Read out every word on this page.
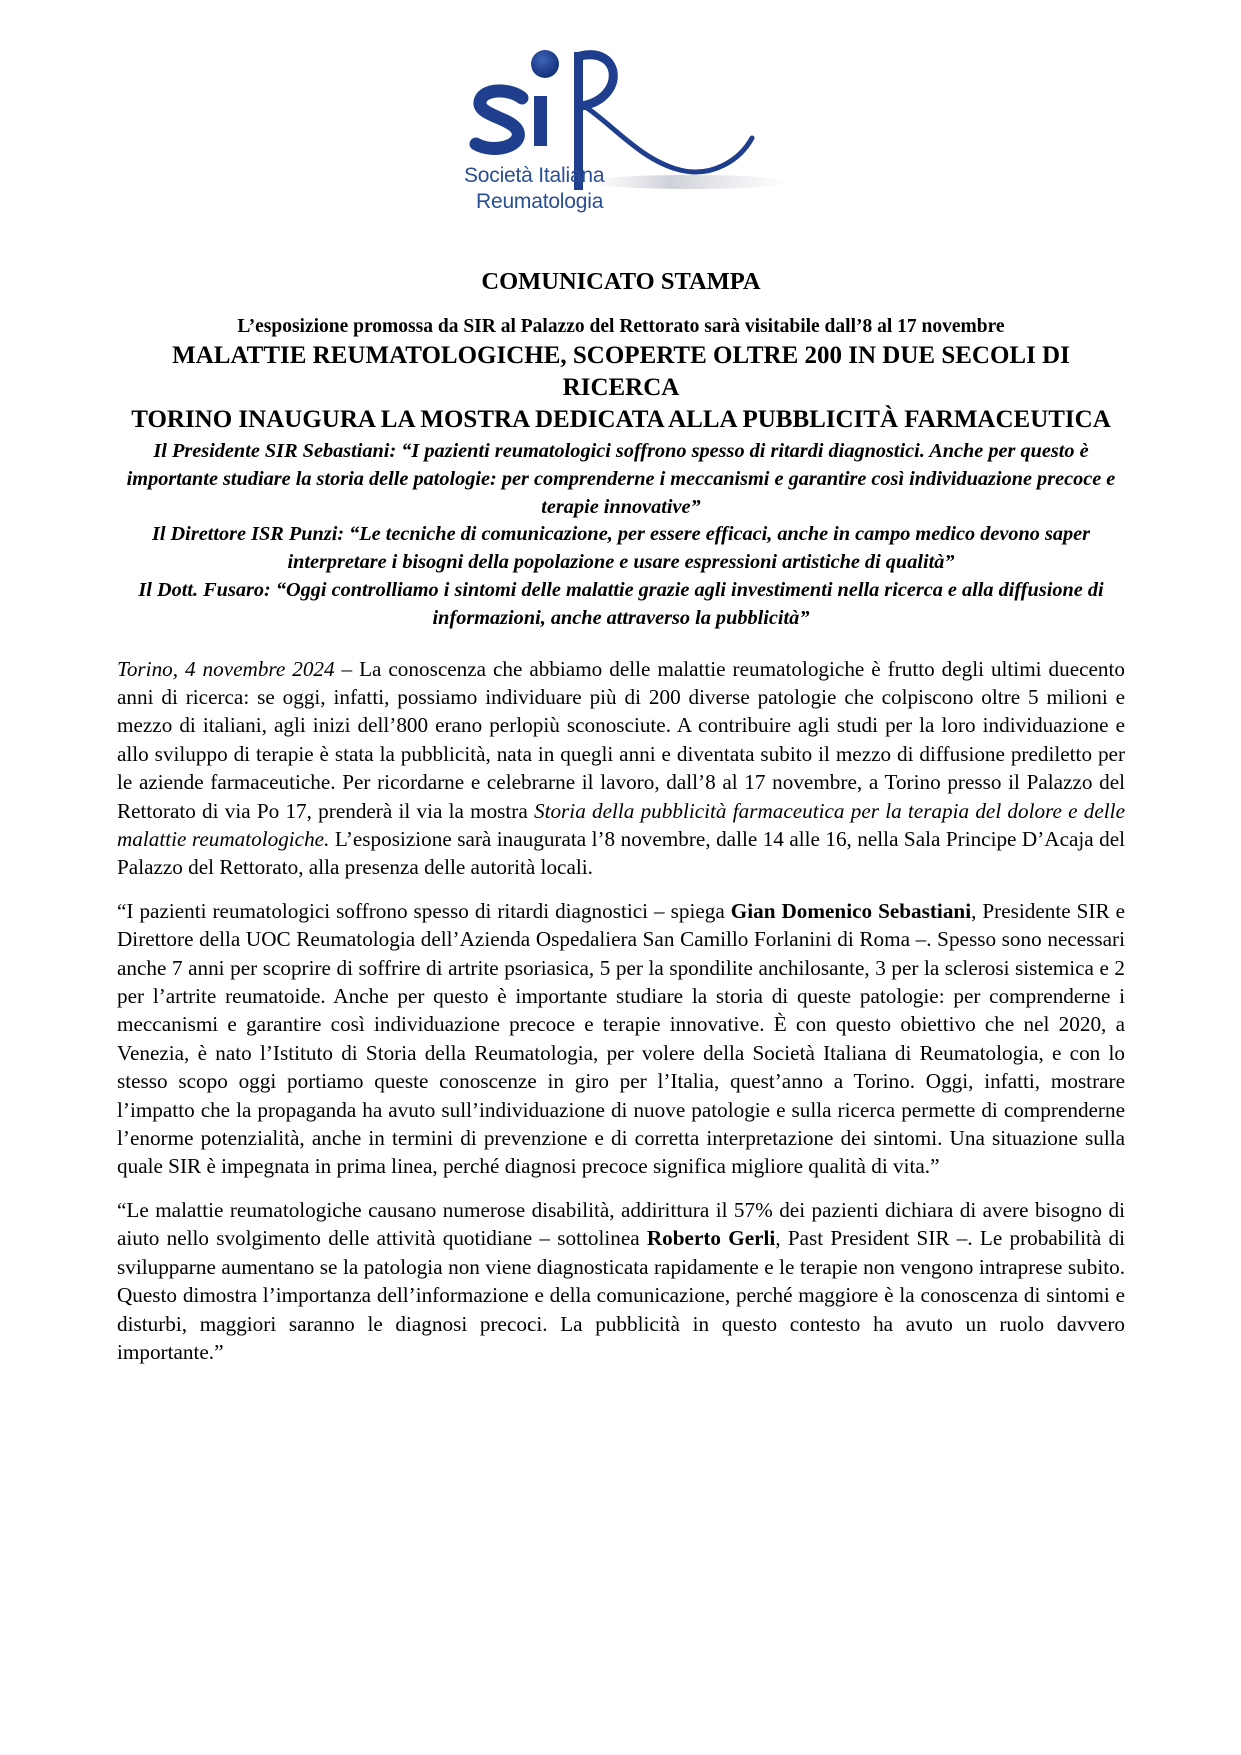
Società Italiana
Reumatologia

COMUNICATO STAMPA

L’esposizione promossa da SIR al Palazzo del Rettorato sarà visitabile dall’8 al 17 novembre

MALATTIE REUMATOLOGICHE, SCOPERTE OLTRE 200 IN DUE SECOLI DI RICERCA

TORINO INAUGURA LA MOSTRA DEDICATA ALLA PUBBLICITÀ FARMACEUTICA

Il Presidente SIR Sebastiani: “I pazienti reumatologici soffrono spesso di ritardi diagnostici. Anche per questo è importante studiare la storia delle patologie: per comprenderne i meccanismi e garantire così individuazione precoce e terapie innovative”

Il Direttore ISR Punzi: “Le tecniche di comunicazione, per essere efficaci, anche in campo medico devono saper interpretare i bisogni della popolazione e usare espressioni artistiche di qualità”

Il Dott. Fusaro: “Oggi controlliamo i sintomi delle malattie grazie agli investimenti nella ricerca e alla diffusione di informazioni, anche attraverso la pubblicità”

Torino, 4 novembre 2024 – La conoscenza che abbiamo delle malattie reumatologiche è frutto degli ultimi duecento anni di ricerca: se oggi, infatti, possiamo individuare più di 200 diverse patologie che colpiscono oltre 5 milioni e mezzo di italiani, agli inizi dell’800 erano perlopiù sconosciute. A contribuire agli studi per la loro individuazione e allo sviluppo di terapie è stata la pubblicità, nata in quegli anni e diventata subito il mezzo di diffusione prediletto per le aziende farmaceutiche. Per ricordarne e celebrarne il lavoro, dall’8 al 17 novembre, a Torino presso il Palazzo del Rettorato di via Po 17, prenderà il via la mostra Storia della pubblicità farmaceutica per la terapia del dolore e delle malattie reumatologiche. L’esposizione sarà inaugurata l’8 novembre, dalle 14 alle 16, nella Sala Principe D’Acaja del Palazzo del Rettorato, alla presenza delle autorità locali.

“I pazienti reumatologici soffrono spesso di ritardi diagnostici – spiega Gian Domenico Sebastiani, Presidente SIR e Direttore della UOC Reumatologia dell’Azienda Ospedaliera San Camillo Forlanini di Roma –. Spesso sono necessari anche 7 anni per scoprire di soffrire di artrite psoriasica, 5 per la spondilite anchilosante, 3 per la sclerosi sistemica e 2 per l’artrite reumatoide. Anche per questo è importante studiare la storia di queste patologie: per comprenderne i meccanismi e garantire così individuazione precoce e terapie innovative. È con questo obiettivo che nel 2020, a Venezia, è nato l’Istituto di Storia della Reumatologia, per volere della Società Italiana di Reumatologia, e con lo stesso scopo oggi portiamo queste conoscenze in giro per l’Italia, quest’anno a Torino. Oggi, infatti, mostrare l’impatto che la propaganda ha avuto sull’individuazione di nuove patologie e sulla ricerca permette di comprenderne l’enorme potenzialità, anche in termini di prevenzione e di corretta interpretazione dei sintomi. Una situazione sulla quale SIR è impegnata in prima linea, perché diagnosi precoce significa migliore qualità di vita.”

“Le malattie reumatologiche causano numerose disabilità, addirittura il 57% dei pazienti dichiara di avere bisogno di aiuto nello svolgimento delle attività quotidiane – sottolinea Roberto Gerli, Past President SIR –. Le probabilità di svilupparne aumentano se la patologia non viene diagnosticata rapidamente e le terapie non vengono intraprese subito. Questo dimostra l’importanza dell’informazione e della comunicazione, perché maggiore è la conoscenza di sintomi e disturbi, maggiori saranno le diagnosi precoci. La pubblicità in questo contesto ha avuto un ruolo davvero importante.”
